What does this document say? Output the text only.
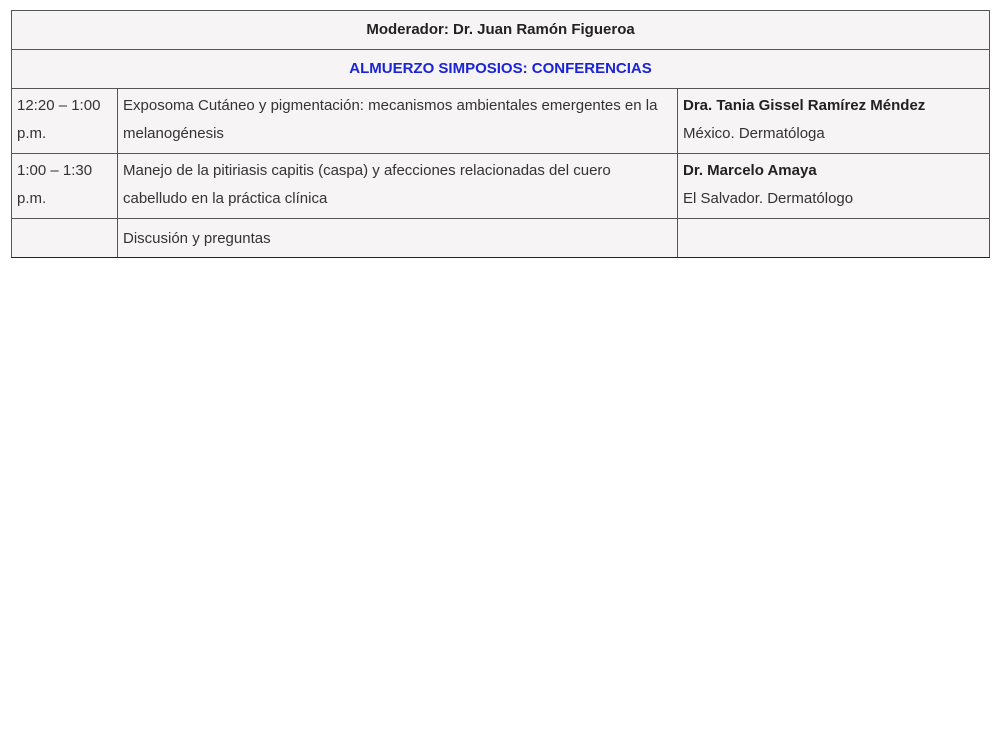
Moderador: Dr. Juan Ramón Figueroa		
ALMUERZO SIMPOSIOS: CONFERENCIAS		
12:20 – 1:00 p.m.	Exposoma Cutáneo y pigmentación: mecanismos ambientales emergentes en la melanogénesis	Dra. Tania Gissel Ramírez Méndez
México. Dermatóloga

1:00 – 1:30 p.m.	Manejo de la pitiriasis capitis (caspa) y afecciones relacionadas del cuero cabelludo en la práctica clínica	Dr. Marcelo Amaya
El Salvador. Dermatólogo

	Discusión y preguntas	
